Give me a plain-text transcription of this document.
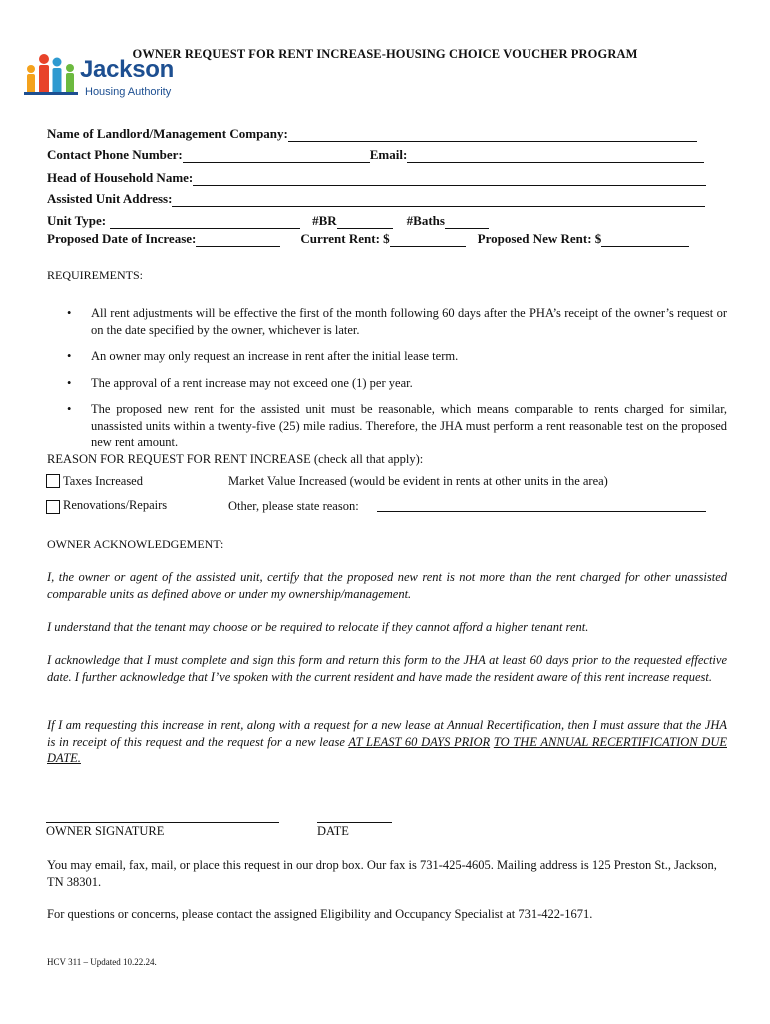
OWNER REQUEST FOR RENT INCREASE-HOUSING CHOICE VOUCHER PROGRAM
Jackson
Housing Authority
Name of Landlord/Management Company:
Contact Phone Number:	Email:
Head of Household Name:
Assisted Unit Address:
Unit Type:	#BR	#Baths
Proposed Date of Increase:	Current Rent: $	Proposed New Rent: $
REQUIREMENTS:
• All rent adjustments will be effective the first of the month following 60 days after the PHA’s receipt of the owner’s request or on the date specified by the owner, whichever is later.
• An owner may only request an increase in rent after the initial lease term.
• The approval of a rent increase may not exceed one (1) per year.
• The proposed new rent for the assisted unit must be reasonable, which means comparable to rents charged for similar, unassisted units within a twenty-five (25) mile radius. Therefore, the JHA must perform a rent reasonable test on the proposed new rent amount.
REASON FOR REQUEST FOR RENT INCREASE (check all that apply):
Taxes Increased	Market Value Increased (would be evident in rents at other units in the area)
Renovations/Repairs	Other, please state reason:
OWNER ACKNOWLEDGEMENT:
I, the owner or agent of the assisted unit, certify that the proposed new rent is not more than the rent charged for other unassisted comparable units as defined above or under my ownership/management.
I understand that the tenant may choose or be required to relocate if they cannot afford a higher tenant rent.
I acknowledge that I must complete and sign this form and return this form to the JHA at least 60 days prior to the requested effective date. I further acknowledge that I’ve spoken with the current resident and have made the resident aware of this rent increase request.
If I am requesting this increase in rent, along with a request for a new lease at Annual Recertification, then I must assure that the JHA is in receipt of this request and the request for a new lease AT LEAST 60 DAYS PRIOR TO THE ANNUAL RECERTIFICATION DUE DATE.
OWNER SIGNATURE	DATE
You may email, fax, mail, or place this request in our drop box. Our fax is 731-425-4605. Mailing address is 125 Preston St., Jackson, TN 38301.
For questions or concerns, please contact the assigned Eligibility and Occupancy Specialist at 731-422-1671.
HCV 311 – Updated 10.22.24.
